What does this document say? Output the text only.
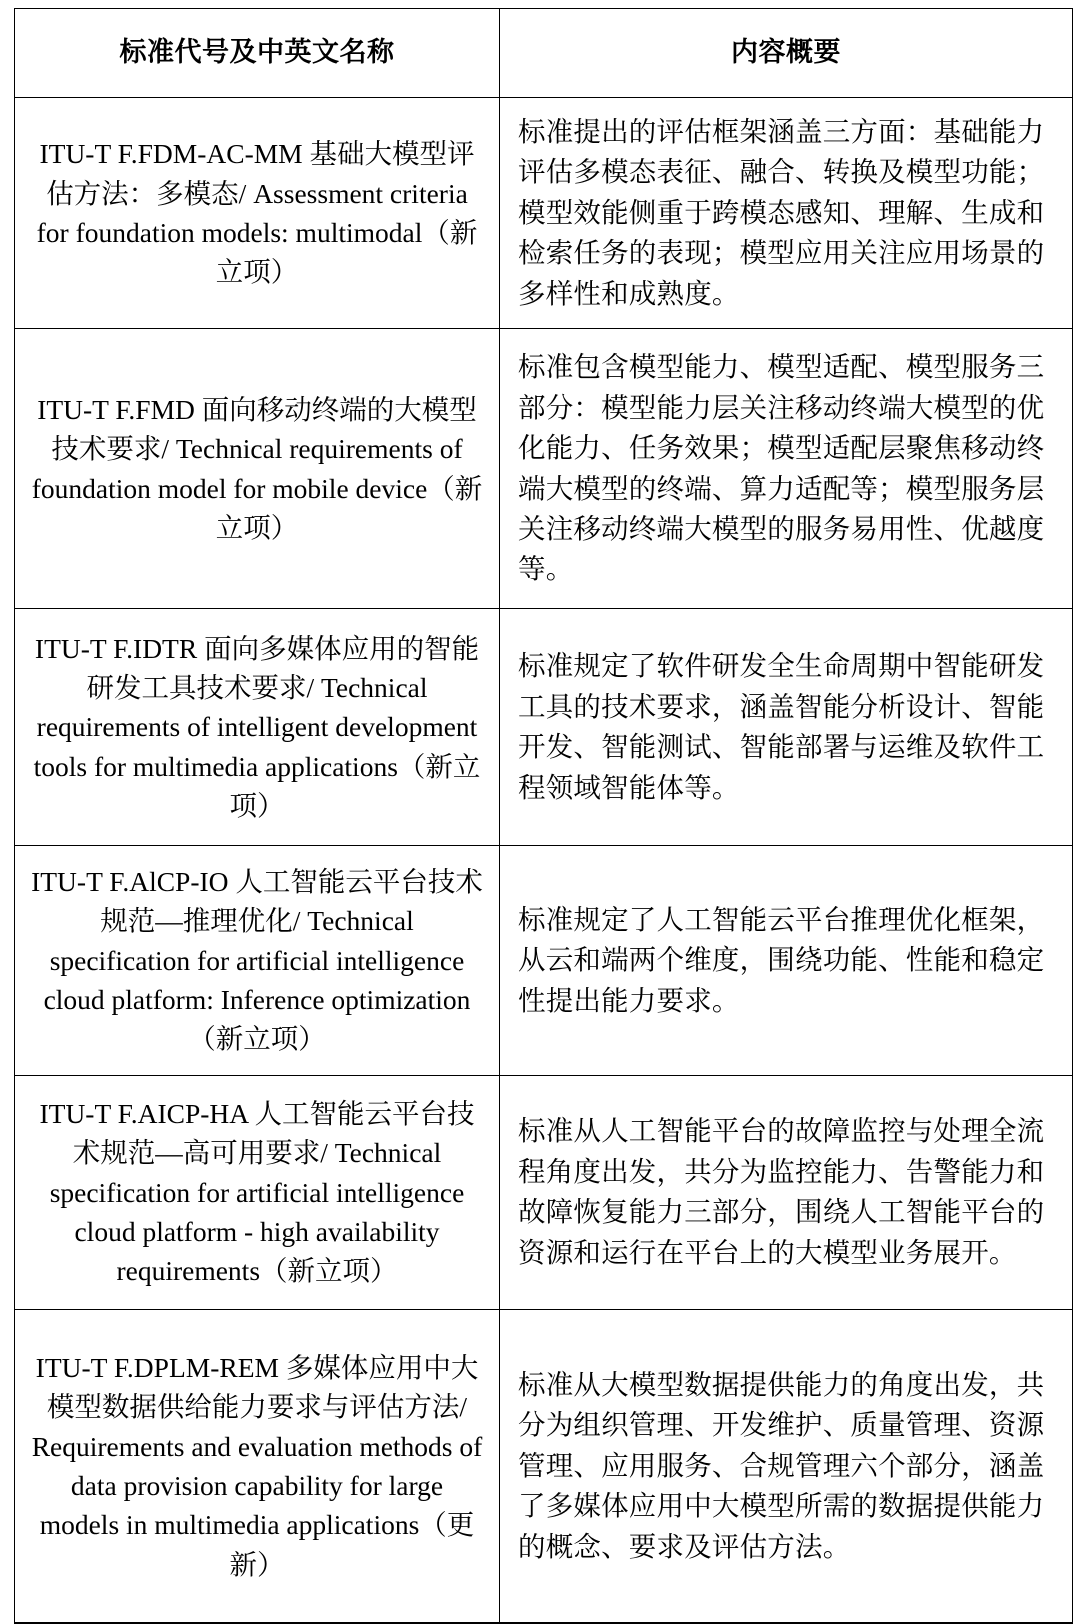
标准代号及中英文名称	内容概要

ITU-T F.FDM-AC-MM 基础大模型评估方法：多模态/ Assessment criteria for foundation models: multimodal（新立项）	标准提出的评估框架涵盖三方面：基础能力评估多模态表征、融合、转换及模型功能；模型效能侧重于跨模态感知、理解、生成和检索任务的表现；模型应用关注应用场景的多样性和成熟度。

ITU-T F.FMD 面向移动终端的大模型技术要求/ Technical requirements of foundation model for mobile device（新立项）	标准包含模型能力、模型适配、模型服务三部分：模型能力层关注移动终端大模型的优化能力、任务效果；模型适配层聚焦移动终端大模型的终端、算力适配等；模型服务层关注移动终端大模型的服务易用性、优越度等。

ITU-T F.IDTR 面向多媒体应用的智能研发工具技术要求/ Technical requirements of intelligent development tools for multimedia applications（新立项）	标准规定了软件研发全生命周期中智能研发工具的技术要求，涵盖智能分析设计、智能开发、智能测试、智能部署与运维及软件工程领域智能体等。

ITU-T F.AlCP-IO 人工智能云平台技术规范—推理优化/ Technical specification for artificial intelligence cloud platform: Inference optimization（新立项）	标准规定了人工智能云平台推理优化框架，从云和端两个维度，围绕功能、性能和稳定性提出能力要求。

ITU-T F.AICP-HA 人工智能云平台技术规范—高可用要求/ Technical specification for artificial intelligence cloud platform - high availability requirements（新立项）	标准从人工智能平台的故障监控与处理全流程角度出发，共分为监控能力、告警能力和故障恢复能力三部分，围绕人工智能平台的资源和运行在平台上的大模型业务展开。

ITU-T F.DPLM-REM 多媒体应用中大模型数据供给能力要求与评估方法/ Requirements and evaluation methods of data provision capability for large models in multimedia applications（更新）	标准从大模型数据提供能力的角度出发，共分为组织管理、开发维护、质量管理、资源管理、应用服务、合规管理六个部分，涵盖了多媒体应用中大模型所需的数据提供能力的概念、要求及评估方法。
